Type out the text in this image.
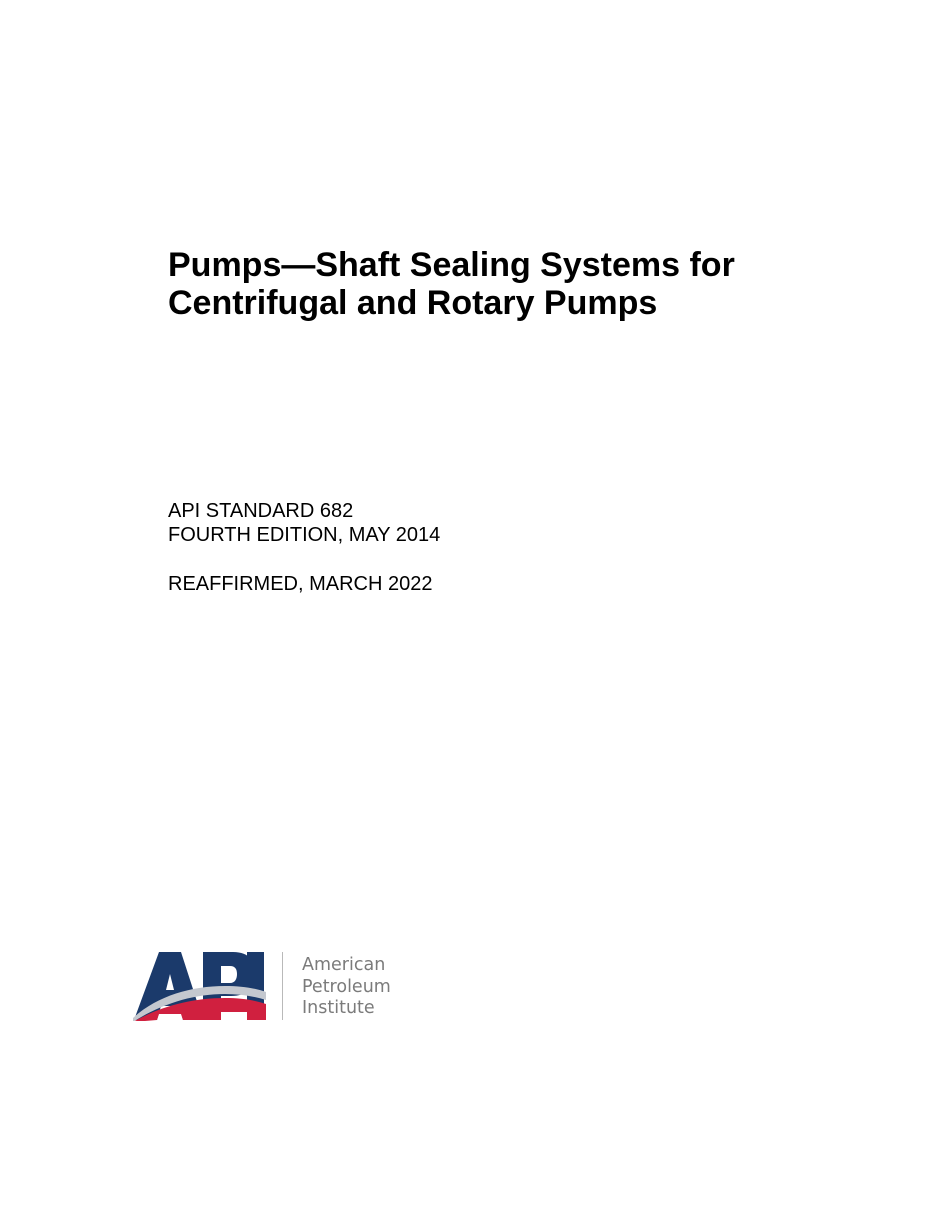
Pumps—Shaft Sealing Systems for
Centrifugal and Rotary Pumps
API STANDARD 682
FOURTH EDITION, MAY 2014
REAFFIRMED, MARCH 2022
American
Petroleum
Institute
